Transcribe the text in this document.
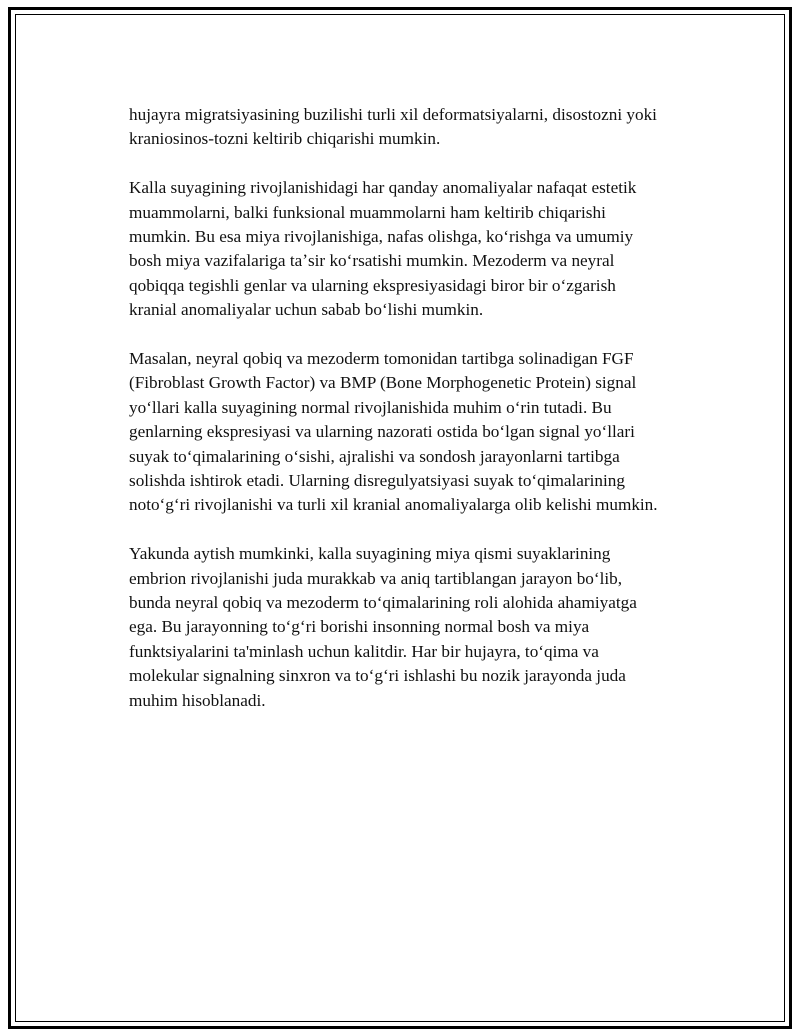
hujayra migratsiyasining buzilishi turli xil deformatsiyalarni, disostozni yoki
kraniosinos-tozni keltirib chiqarishi mumkin.

Kalla suyagining rivojlanishidagi har qanday anomaliyalar nafaqat estetik
muammolarni, balki funksional muammolarni ham keltirib chiqarishi
mumkin. Bu esa miya rivojlanishiga, nafas olishga, koʻrishga va umumiy
bosh miya vazifalariga taʼsir koʻrsatishi mumkin. Mezoderm va neyral
qobiqqa tegishli genlar va ularning ekspresiyasidagi biror bir oʻzgarish
kranial anomaliyalar uchun sabab boʻlishi mumkin.

Masalan, neyral qobiq va mezoderm tomonidan tartibga solinadigan FGF
(Fibroblast Growth Factor) va BMP (Bone Morphogenetic Protein) signal
yoʻllari kalla suyagining normal rivojlanishida muhim oʻrin tutadi. Bu
genlarning ekspresiyasi va ularning nazorati ostida boʻlgan signal yoʻllari
suyak toʻqimalarining oʻsishi, ajralishi va sondosh jarayonlarni tartibga
solishda ishtirok etadi. Ularning disregulyatsiyasi suyak toʻqimalarining
notoʻgʻri rivojlanishi va turli xil kranial anomaliyalarga olib kelishi mumkin.

Yakunda aytish mumkinki, kalla suyagining miya qismi suyaklarining
embrion rivojlanishi juda murakkab va aniq tartiblangan jarayon boʻlib,
bunda neyral qobiq va mezoderm toʻqimalarining roli alohida ahamiyatga
ega. Bu jarayonning toʻgʻri borishi insonning normal bosh va miya
funktsiyalarini ta'minlash uchun kalitdir. Har bir hujayra, toʻqima va
molekular signalning sinxron va toʻgʻri ishlashi bu nozik jarayonda juda
muhim hisoblanadi.
